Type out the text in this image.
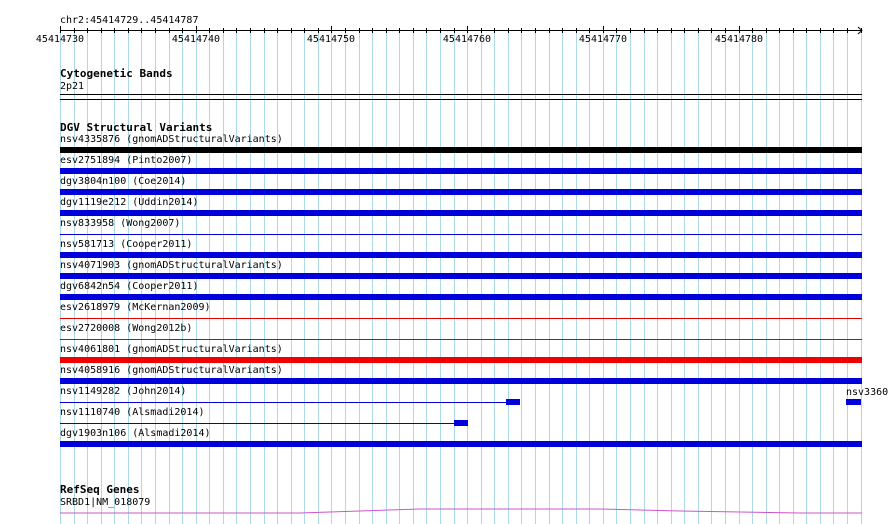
chr2:45414729..45414787
45414730	45414740	45414750	45414760	45414770	45414780
Cytogenetic Bands
2p21
DGV Structural Variants
nsv4335876 (gnomADStructuralVariants)
esv2751894 (Pinto2007)
dgv3804n100 (Coe2014)
dgv1119e212 (Uddin2014)
nsv833958 (Wong2007)
nsv581713 (Cooper2011)
nsv4071903 (gnomADStructuralVariants)
dgv6842n54 (Cooper2011)
esv2618979 (McKernan2009)
esv2720008 (Wong2012b)
nsv4061801 (gnomADStructuralVariants)
nsv4058916 (gnomADStructuralVariants)
nsv1149282 (John2014)
nsv1110740 (Alsmadi2014)
dgv1903n106 (Alsmadi2014)
nsv3360
RefSeq Genes
SRBD1|NM_018079
